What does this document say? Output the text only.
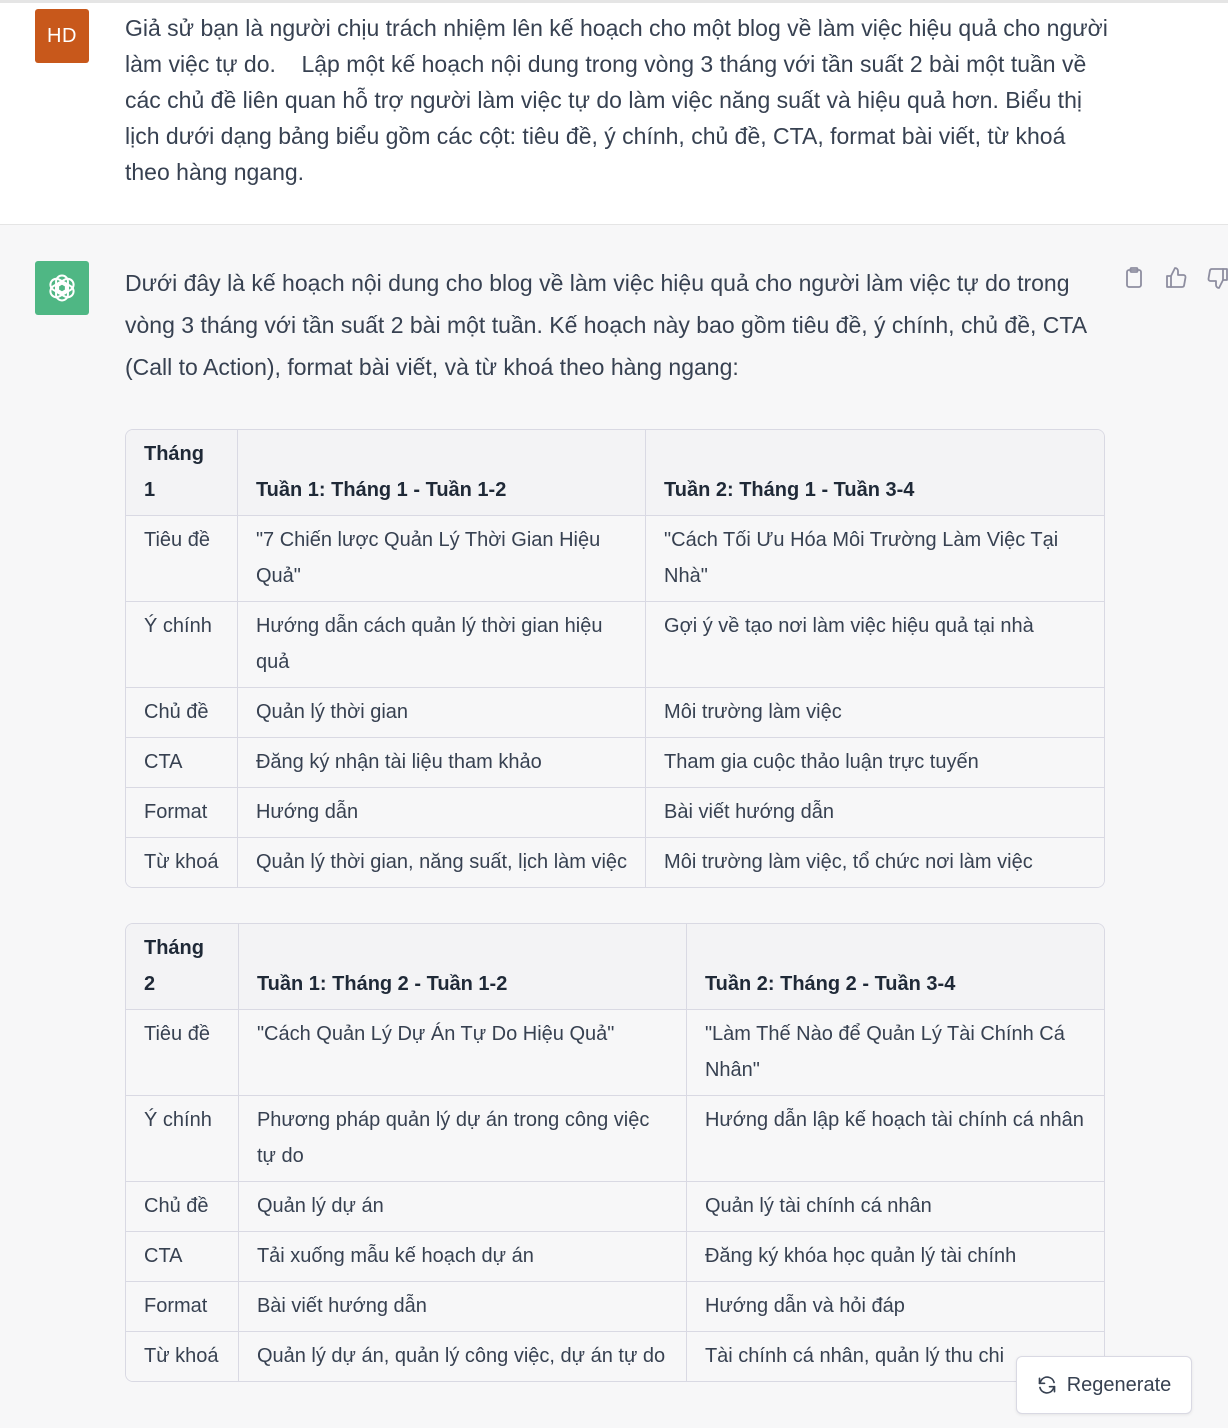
HD	Giả sử bạn là người chịu trách nhiệm lên kế hoạch cho một blog về làm việc hiệu quả cho người làm việc tự do.    Lập một kế hoạch nội dung trong vòng 3 tháng với tần suất 2 bài một tuần về các chủ đề liên quan hỗ trợ người làm việc tự do làm việc năng suất và hiệu quả hơn. Biểu thị lịch dưới dạng bảng biểu gồm các cột: tiêu đề, ý chính, chủ đề, CTA, format bài viết, từ khoá theo hàng ngang.
Dưới đây là kế hoạch nội dung cho blog về làm việc hiệu quả cho người làm việc tự do trong vòng 3 tháng với tần suất 2 bài một tuần. Kế hoạch này bao gồm tiêu đề, ý chính, chủ đề, CTA (Call to Action), format bài viết, và từ khoá theo hàng ngang:
Tháng 1	Tuần 1: Tháng 1 - Tuần 1-2	Tuần 2: Tháng 1 - Tuần 3-4
Tiêu đề	"7 Chiến lược Quản Lý Thời Gian Hiệu Quả"	"Cách Tối Ưu Hóa Môi Trường Làm Việc Tại Nhà"
Ý chính	Hướng dẫn cách quản lý thời gian hiệu quả	Gợi ý về tạo nơi làm việc hiệu quả tại nhà
Chủ đề	Quản lý thời gian	Môi trường làm việc
CTA	Đăng ký nhận tài liệu tham khảo	Tham gia cuộc thảo luận trực tuyến
Format	Hướng dẫn	Bài viết hướng dẫn
Từ khoá	Quản lý thời gian, năng suất, lịch làm việc	Môi trường làm việc, tổ chức nơi làm việc
Tháng 2	Tuần 1: Tháng 2 - Tuần 1-2	Tuần 2: Tháng 2 - Tuần 3-4
Tiêu đề	"Cách Quản Lý Dự Án Tự Do Hiệu Quả"	"Làm Thế Nào để Quản Lý Tài Chính Cá Nhân"
Ý chính	Phương pháp quản lý dự án trong công việc tự do	Hướng dẫn lập kế hoạch tài chính cá nhân
Chủ đề	Quản lý dự án	Quản lý tài chính cá nhân
CTA	Tải xuống mẫu kế hoạch dự án	Đăng ký khóa học quản lý tài chính
Format	Bài viết hướng dẫn	Hướng dẫn và hỏi đáp
Từ khoá	Quản lý dự án, quản lý công việc, dự án tự do	Tài chính cá nhân, quản lý thu chi
Regenerate
